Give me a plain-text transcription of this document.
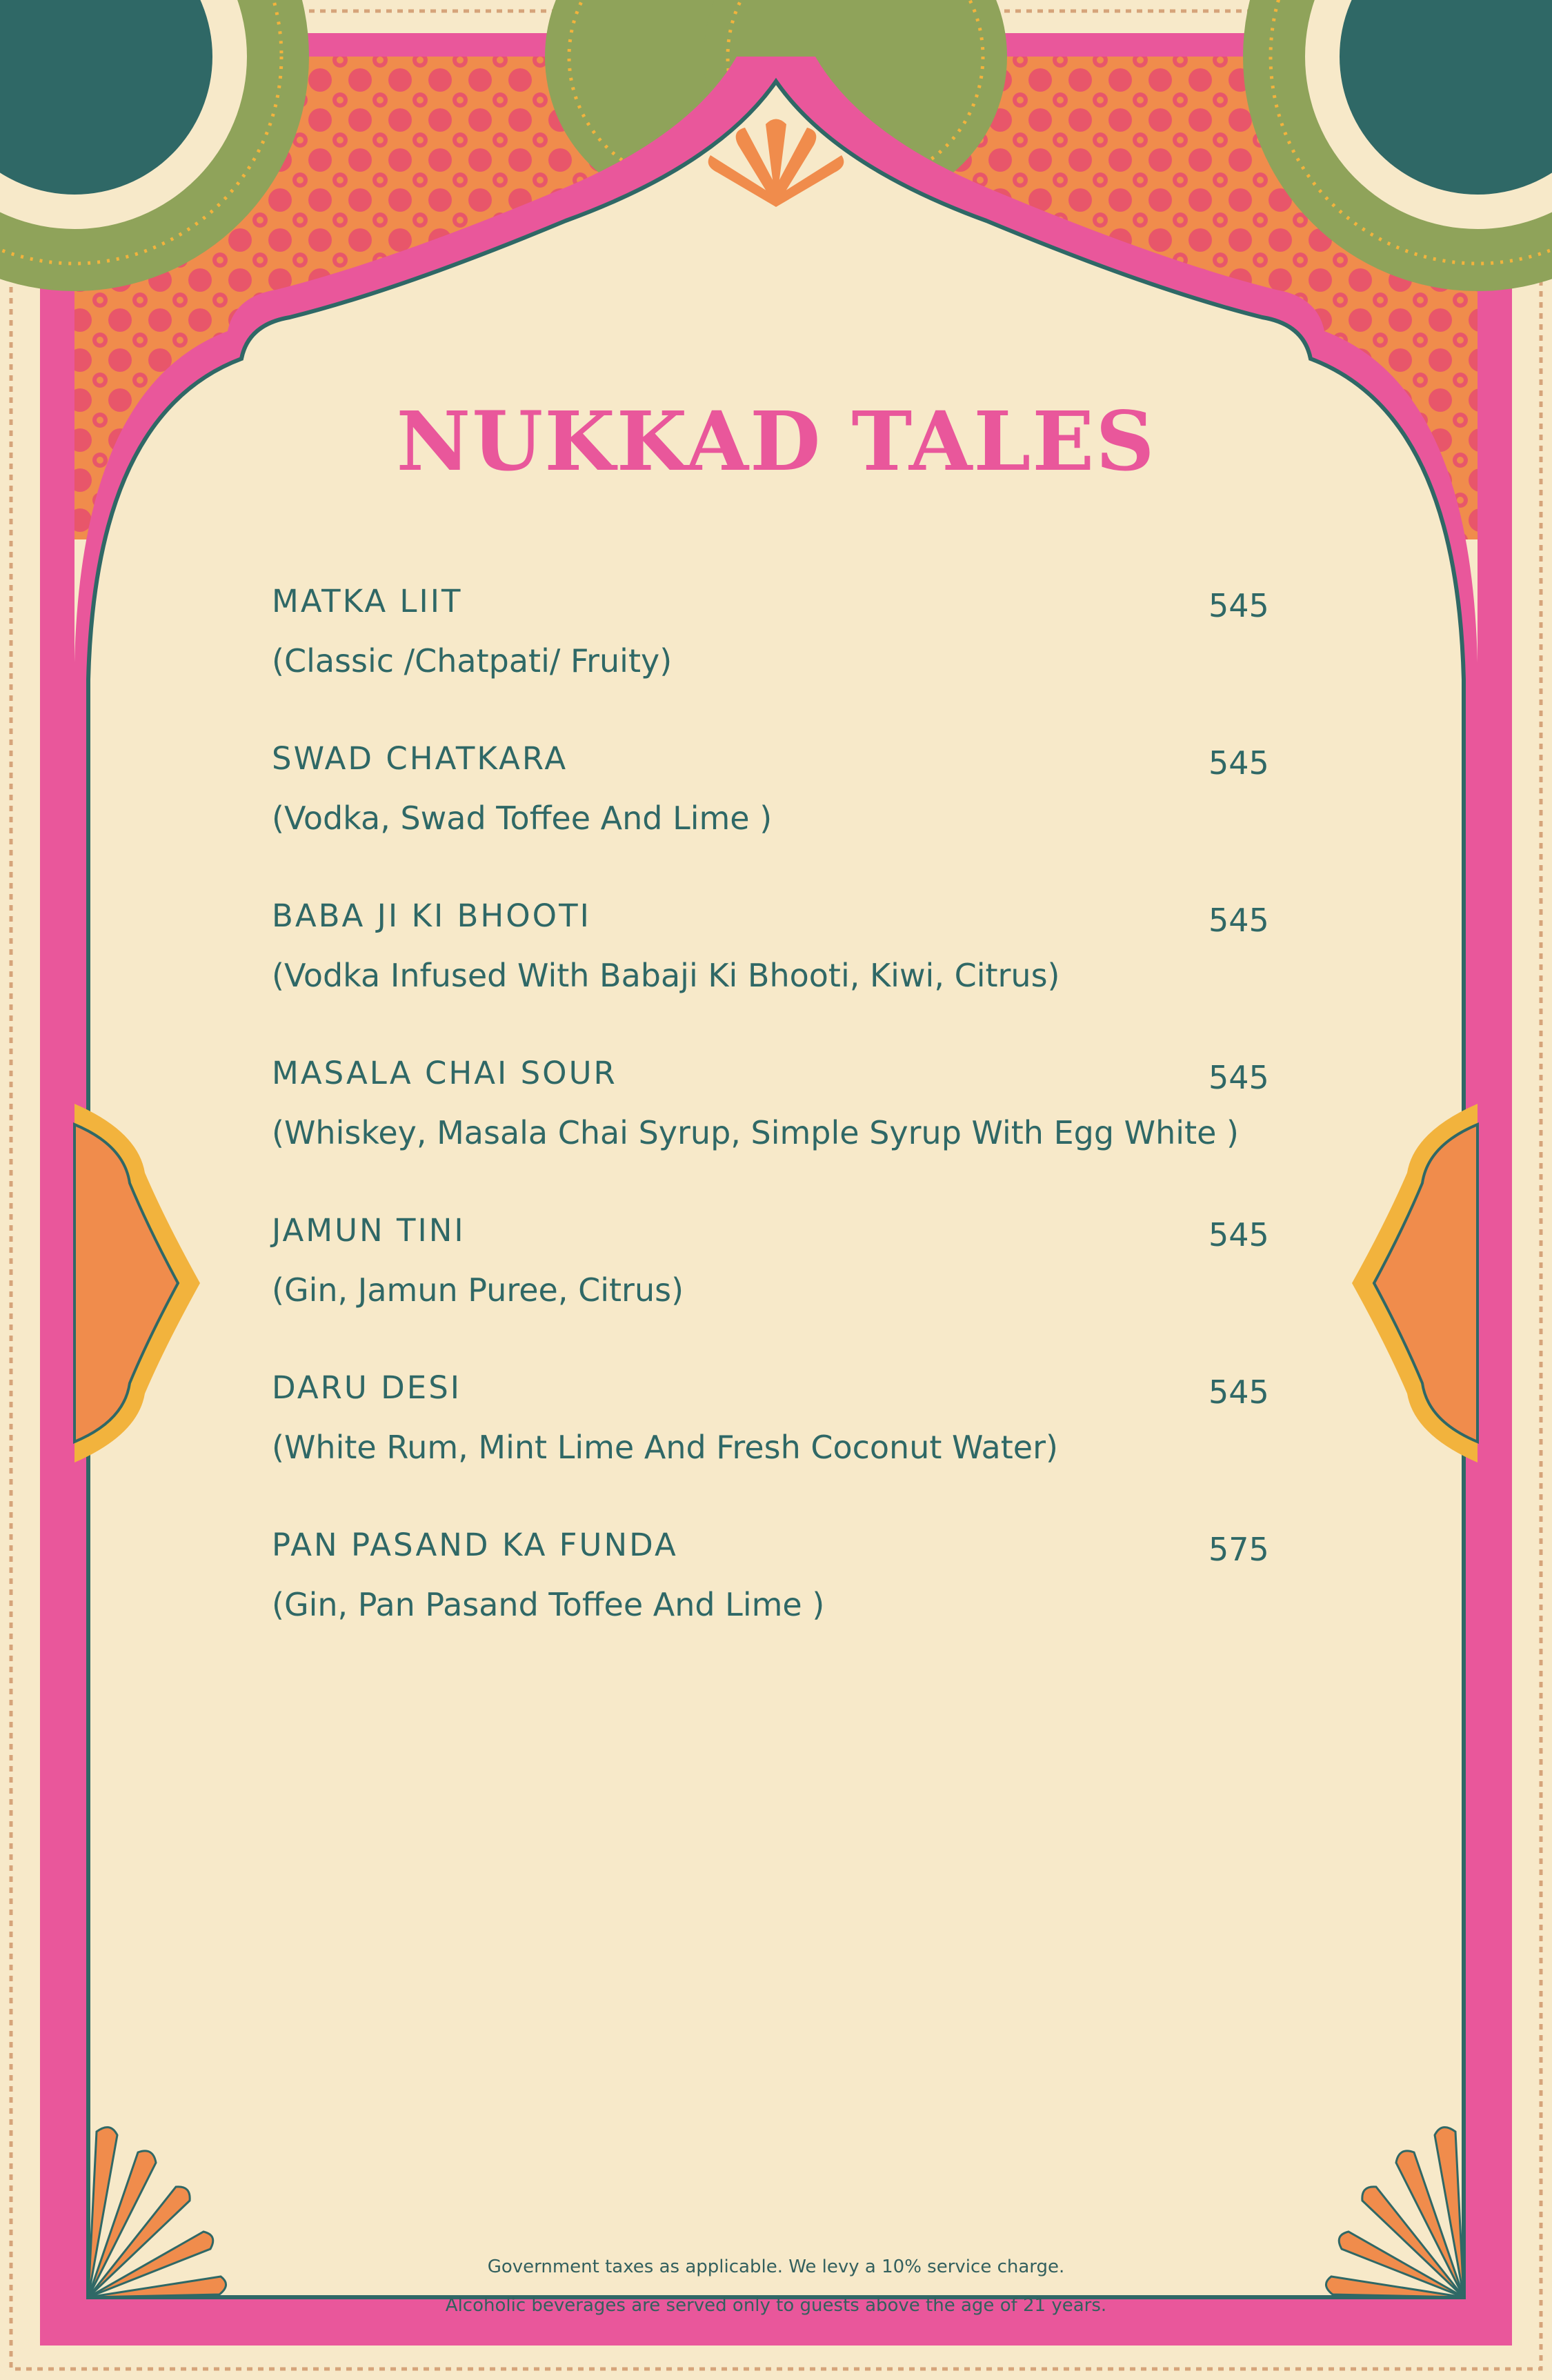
NUKKAD TALES
MATKA LIIT	545
(Classic /Chatpati/ Fruity)
SWAD CHATKARA	545
(Vodka, Swad Toffee And Lime )
BABA JI KI BHOOTI	545
(Vodka Infused With Babaji Ki Bhooti, Kiwi, Citrus)
MASALA CHAI SOUR	545
(Whiskey, Masala Chai Syrup, Simple Syrup With Egg White )
JAMUN TINI	545
(Gin, Jamun Puree, Citrus)
DARU DESI	545
(White Rum, Mint Lime And Fresh Coconut Water)
PAN PASAND KA FUNDA	575
(Gin, Pan Pasand Toffee And Lime )

Government taxes as applicable. We levy a 10% service charge.

Alcoholic beverages are served only to guests above the age of 21 years.
